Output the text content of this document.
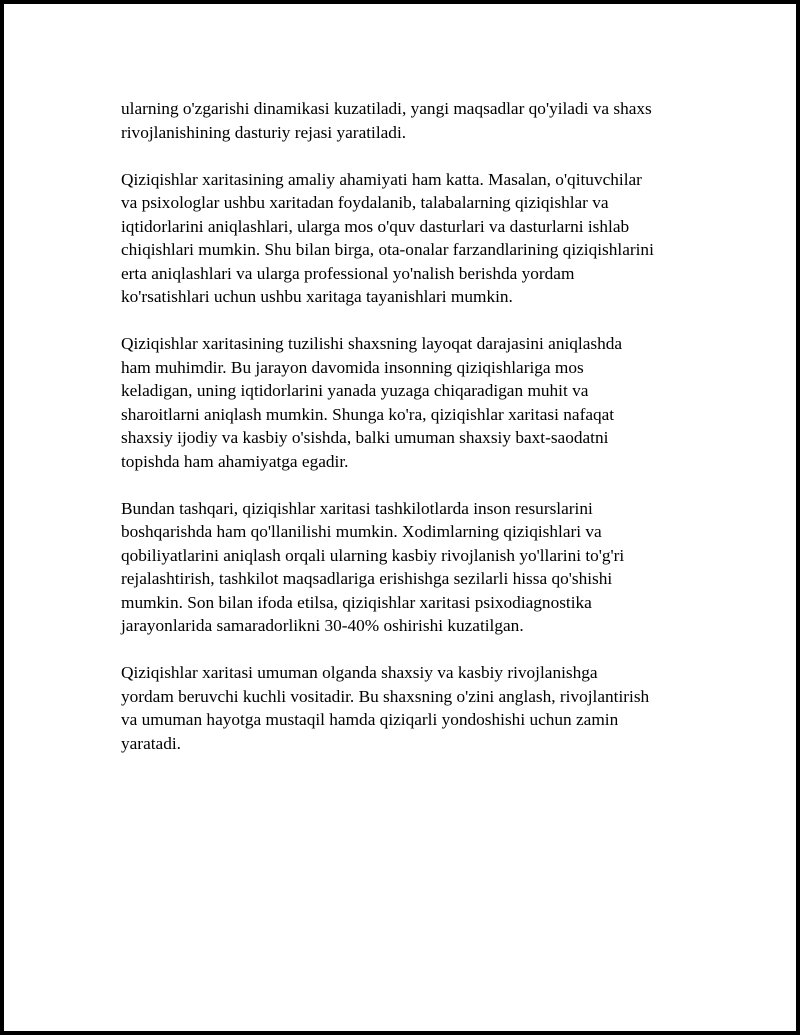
ularning o'zgarishi dinamikasi kuzatiladi, yangi maqsadlar qo'yiladi va shaxs
rivojlanishining dasturiy rejasi yaratiladi.

Qiziqishlar xaritasining amaliy ahamiyati ham katta. Masalan, o'qituvchilar
va psixologlar ushbu xaritadan foydalanib, talabalarning qiziqishlar va
iqtidorlarini aniqlashlari, ularga mos o'quv dasturlari va dasturlarni ishlab
chiqishlari mumkin. Shu bilan birga, ota-onalar farzandlarining qiziqishlarini
erta aniqlashlari va ularga professional yo'nalish berishda yordam
ko'rsatishlari uchun ushbu xaritaga tayanishlari mumkin.

Qiziqishlar xaritasining tuzilishi shaxsning layoqat darajasini aniqlashda
ham muhimdir. Bu jarayon davomida insonning qiziqishlariga mos
keladigan, uning iqtidorlarini yanada yuzaga chiqaradigan muhit va
sharoitlarni aniqlash mumkin. Shunga ko'ra, qiziqishlar xaritasi nafaqat
shaxsiy ijodiy va kasbiy o'sishda, balki umuman shaxsiy baxt-saodatni
topishda ham ahamiyatga egadir.

Bundan tashqari, qiziqishlar xaritasi tashkilotlarda inson resurslarini
boshqarishda ham qo'llanilishi mumkin. Xodimlarning qiziqishlari va
qobiliyatlarini aniqlash orqali ularning kasbiy rivojlanish yo'llarini to'g'ri
rejalashtirish, tashkilot maqsadlariga erishishga sezilarli hissa qo'shishi
mumkin. Son bilan ifoda etilsa, qiziqishlar xaritasi psixodiagnostika
jarayonlarida samaradorlikni 30-40% oshirishi kuzatilgan.

Qiziqishlar xaritasi umuman olganda shaxsiy va kasbiy rivojlanishga
yordam beruvchi kuchli vositadir. Bu shaxsning o'zini anglash, rivojlantirish
va umuman hayotga mustaqil hamda qiziqarli yondoshishi uchun zamin
yaratadi.
